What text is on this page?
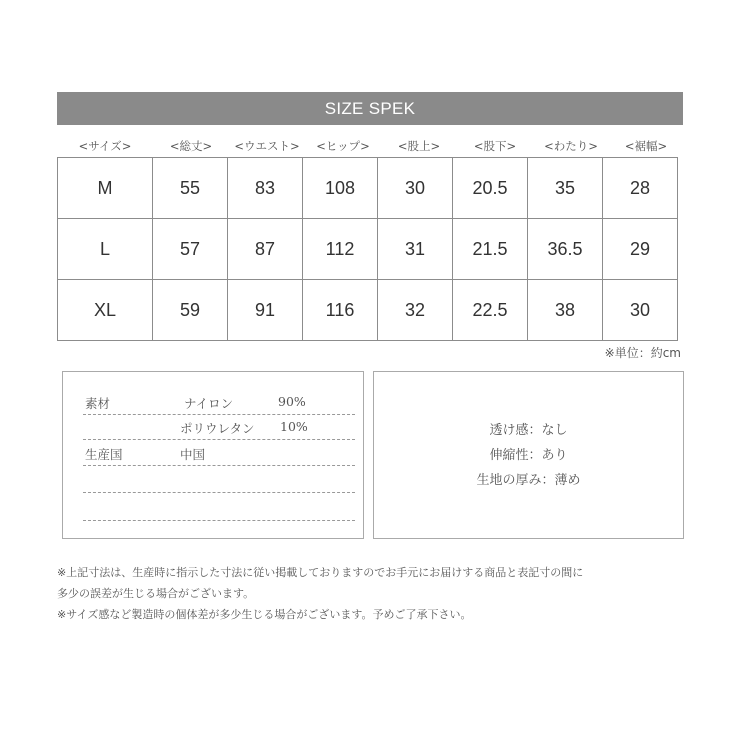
SIZE SPEK
<サイズ>	<総丈>	<ウエスト>	<ヒップ>	<股上>	<股下>	<わたり>	<裾幅>
M	55	83	108	30	20.5	35	28
L	57	87	112	31	21.5	36.5	29
XL	59	91	116	32	22.5	38	30
※単位：約cm
素材	ナイロン	90%
ポリウレタン 10%
生産国	中国
透け感：なし
伸縮性：あり
生地の厚み：薄め
※上記寸法は、生産時に指示した寸法に従い掲載しておりますのでお手元にお届けする商品と表記寸の間に
多少の誤差が生じる場合がございます。
※サイズ感など製造時の個体差が多少生じる場合がございます。予めご了承下さい。
